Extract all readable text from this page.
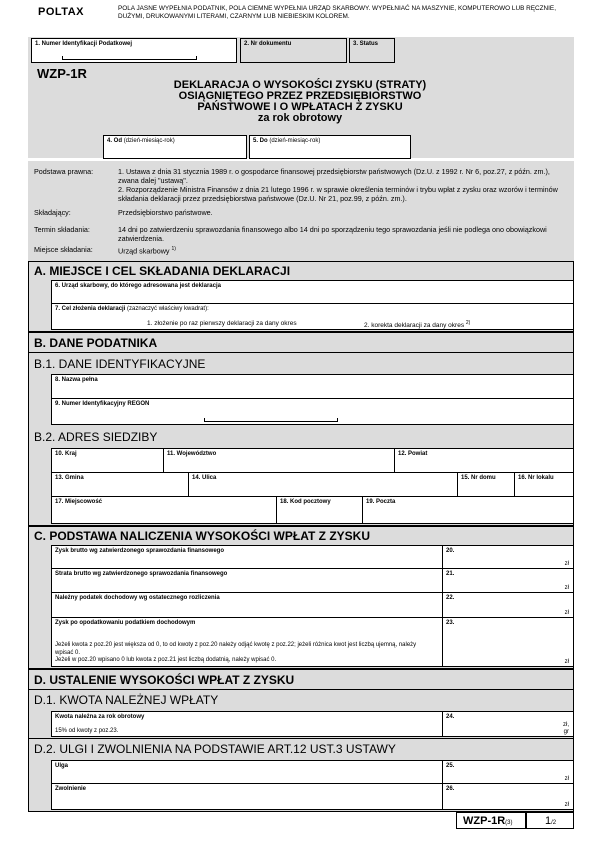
POLTAX	POLA JASNE WYPEŁNIA PODATNIK, POLA CIEMNE WYPEŁNIA URZĄD SKARBOWY. WYPEŁNIAĆ NA MASZYNIE, KOMPUTEROWO LUB RĘCZNIE, DUŻYMI, DRUKOWANYMI LITERAMI, CZARNYM LUB NIEBIESKIM KOLOREM.
1. Numer Identyfikacji Podatkowej	2. Nr dokumentu	3. Status
WZP-1R
DEKLARACJA O WYSOKOŚCI ZYSKU (STRATY)
OSIĄGNIĘTEGO PRZEZ PRZEDSIĘBIORSTWO
PAŃSTWOWE I O WPŁATACH Z ZYSKU
za rok obrotowy
4. Od (dzień-miesiąc-rok)	5. Do (dzień-miesiąc-rok)
Podstawa prawna:	1. Ustawa z dnia 31 stycznia 1989 r. o gospodarce finansowej przedsiębiorstw państwowych (Dz.U. z 1992 r. Nr 6, poz.27, z późn. zm.), zwana dalej "ustawą".
2. Rozporządzenie Ministra Finansów z dnia 21 lutego 1996 r. w sprawie określenia terminów i trybu wpłat z zysku oraz wzorów i terminów składania deklaracji przez przedsiębiorstwa państwowe (Dz.U. Nr 21, poz.99, z późn. zm.).
Składający:	Przedsiębiorstwo państwowe.
Termin składania:	14 dni po zatwierdzeniu sprawozdania finansowego albo 14 dni po sporządzeniu tego sprawozdania jeśli nie podlega ono obowiązkowi zatwierdzenia.
Miejsce składania:	Urząd skarbowy $^{1)}$
A. MIEJSCE I CEL SKŁADANIA DEKLARACJI
6. Urząd skarbowy, do którego adresowana jest deklaracja
7. Cel złożenia deklaracji (zaznaczyć właściwy kwadrat):
1. złożenie po raz pierwszy deklaracji za dany okres	2. korekta deklaracji za dany okres $^{2)}$
B. DANE PODATNIKA
B.1. DANE IDENTYFIKACYJNE
8. Nazwa pełna
9. Numer Identyfikacyjny REGON
B.2. ADRES SIEDZIBY
10. Kraj	11. Województwo	12. Powiat
13. Gmina	14. Ulica	15. Nr domu	16. Nr lokalu
17. Miejscowość	18. Kod pocztowy	19. Poczta
C. PODSTAWA NALICZENIA WYSOKOŚCI WPŁAT Z ZYSKU
Zysk brutto wg zatwierdzonego sprawozdania finansowego	20.
zł
Strata brutto wg zatwierdzonego sprawozdania finansowego	21.
zł
Należny podatek dochodowy wg ostatecznego rozliczenia	22.
zł
Zysk po opodatkowaniu podatkiem dochodowym
Jeżeli kwota z poz.20 jest większa od 0, to od kwoty z poz.20 należy odjąć kwotę z poz.22; jeżeli różnica kwot jest liczbą ujemną, należy wpisać 0.
Jeżeli w poz.20 wpisano 0 lub kwota z poz.21 jest liczbą dodatnią, należy wpisać 0.
23.
zł
D. USTALENIE WYSOKOŚCI WPŁAT Z ZYSKU
D.1. KWOTA NALEŻNEJ WPŁATY
Kwota należna za rok obrotowy
15% od kwoty z poz.23.
24.
zł,
gr
D.2. ULGI I ZWOLNIENIA NA PODSTAWIE ART.12 UST.3 USTAWY
Ulga	25.
zł
Zwolnienie	26.
zł
WZP-1R(3)	1/2
